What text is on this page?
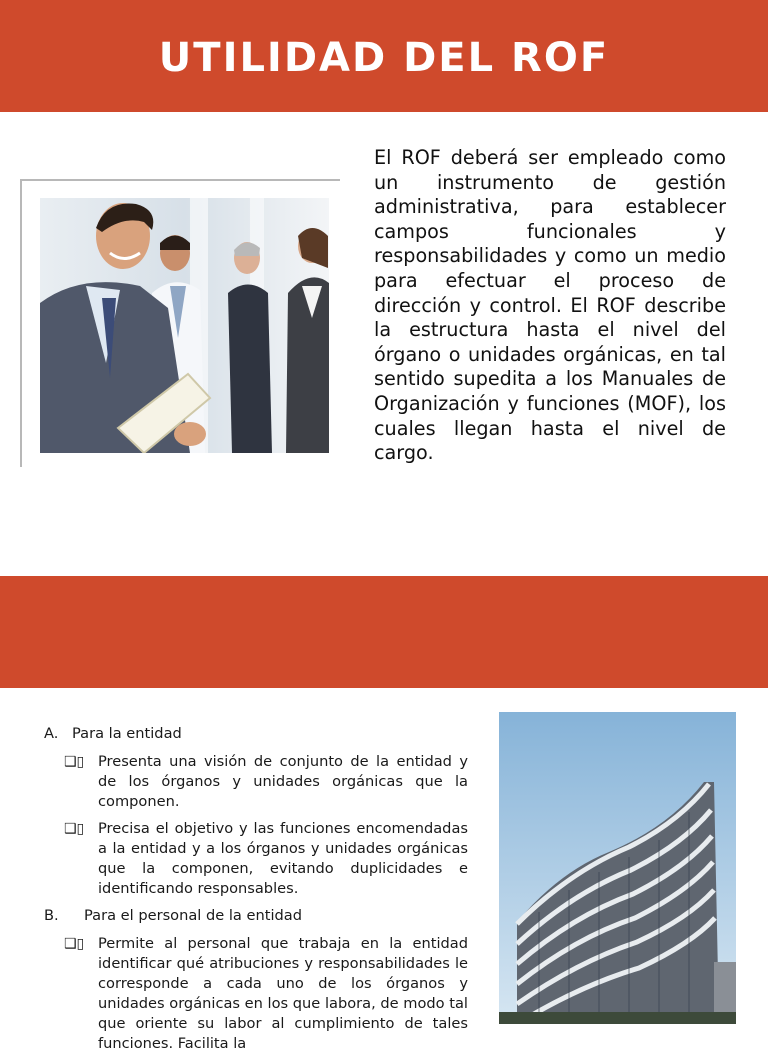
UTILIDAD DEL ROF
El ROF deberá ser empleado como un instrumento de gestión administrativa, para establecer campos funcionales y responsabilidades y como un medio para efectuar el proceso de dirección y control. El ROF describe la estructura hasta el nivel del órgano o unidades orgánicas, en tal sentido supedita a los Manuales de Organización y funciones (MOF), los cuales llegan hasta el nivel de cargo.
A. Para la entidad
❑▯ Presenta una visión de conjunto de la entidad y de los órganos y unidades orgánicas que la componen.
❑▯ Precisa el objetivo y las funciones encomendadas a la entidad y a los órganos y unidades orgánicas que la componen, evitando duplicidades e identificando responsables.
B.	Para el personal de la entidad
❑▯ Permite al personal que trabaja en la entidad identificar qué atribuciones y responsabilidades le corresponde a cada uno de los órganos y unidades orgánicas en los que labora, de modo tal que oriente su labor al cumplimiento de tales funciones. Facilita la
